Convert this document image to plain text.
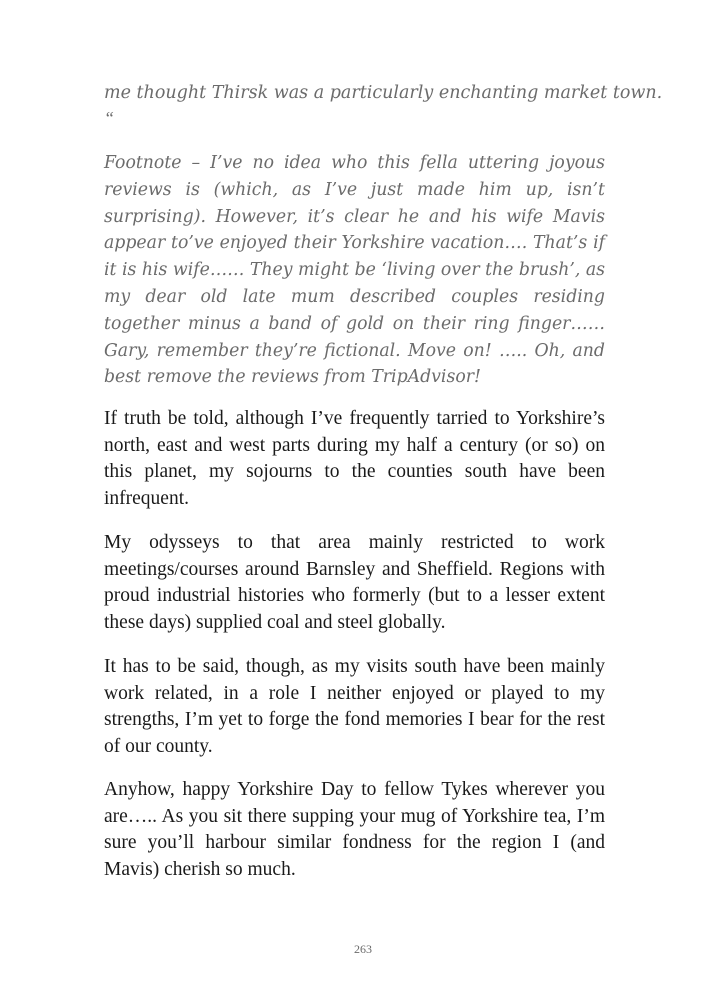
me thought Thirsk was a particularly enchanting market town.

“

Footnote – I’ve no idea who this fella uttering joyous reviews is (which, as I’ve just made him up, isn’t surprising). However, it’s clear he and his wife Mavis appear to’ve enjoyed their Yorkshire vacation…. That’s if it is his wife…… They might be ‘living over the brush’, as my dear old late mum described couples residing together minus a band of gold on their ring finger…… Gary, remember they’re fictional. Move on! ….. Oh, and best remove the reviews from TripAdvisor!

If truth be told, although I’ve frequently tarried to Yorkshire’s north, east and west parts during my half a century (or so) on this planet, my sojourns to the counties south have been infrequent.

My odysseys to that area mainly restricted to work meetings/courses around Barnsley and Sheffield. Regions with proud industrial histories who formerly (but to a lesser extent these days) supplied coal and steel globally.

It has to be said, though, as my visits south have been mainly work related, in a role I neither enjoyed or played to my strengths, I’m yet to forge the fond memories I bear for the rest of our county.

Anyhow, happy Yorkshire Day to fellow Tykes wherever you are….. As you sit there supping your mug of Yorkshire tea, I’m sure you’ll harbour similar fondness for the region I (and Mavis) cherish so much.

263
